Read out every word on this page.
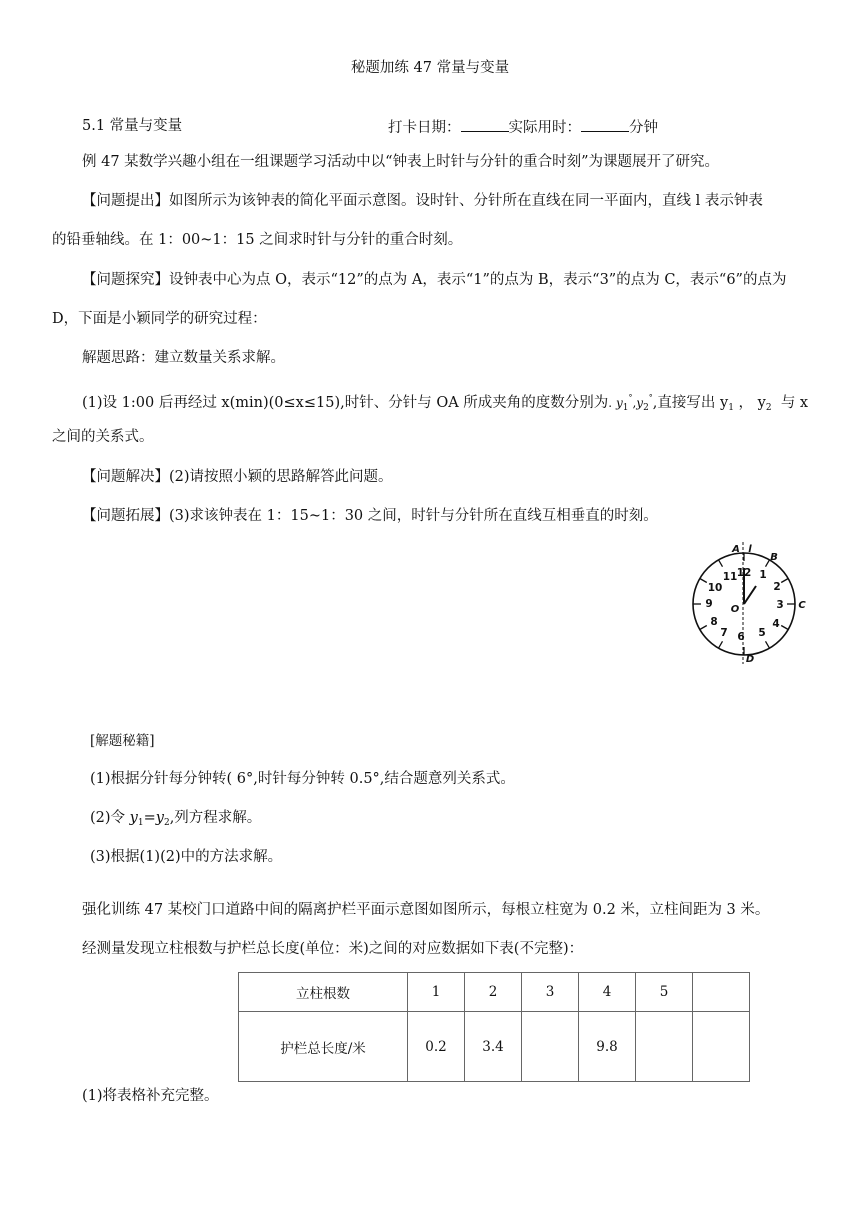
秘题加练 47 常量与变量
5.1 常量与变量	打卡日期：	实际用时：	分钟
例 47 某数学兴趣小组在一组课题学习活动中以“钟表上时针与分针的重合时刻”为课题展开了研究。
【问题提出】如图所示为该钟表的简化平面示意图。设时针、分针所在直线在同一平面内，直线 l 表示钟表
的铅垂轴线。在 1：00~1：15 之间求时针与分针的重合时刻。
【问题探究】设钟表中心为点 O，表示“12”的点为 A，表示“1”的点为 B，表示“3”的点为 C，表示“6”的点为
D，下面是小颖同学的研究过程：
解题思路：建立数量关系求解。
(1)设 1:00 后再经过 x(min)(0≤x≤15),时针、分针与 OA 所成夹角的度数分别为. $y_1^\circ,y_2^\circ$,直接写出 $y_1$ ， $y_2$ 与 x
之间的关系式。
【问题解决】(2)请按照小颖的思路解答此问题。
【问题拓展】(3)求该钟表在 1：15~1：30 之间，时针与分针所在直线互相垂直的时刻。
12 1
2
3
4
5
6
7
8
9
10
11
A l
B
C
D
O
[解题秘籍]
(1)根据分针每分钟转( 6°,时针每分钟转 0.5°,结合题意列关系式。
(2)令 $y_1=y_2$,列方程求解。
(3)根据(1)(2)中的方法求解。
强化训练 47 某校门口道路中间的隔离护栏平面示意图如图所示，每根立柱宽为 0.2 米，立柱间距为 3 米。
经测量发现立柱根数与护栏总长度(单位：米)之间的对应数据如下表(不完整)：
立柱根数	1	2	3	4	5	
护栏总长度/米	0.2	3.4		9.8		
(1)将表格补充完整。
